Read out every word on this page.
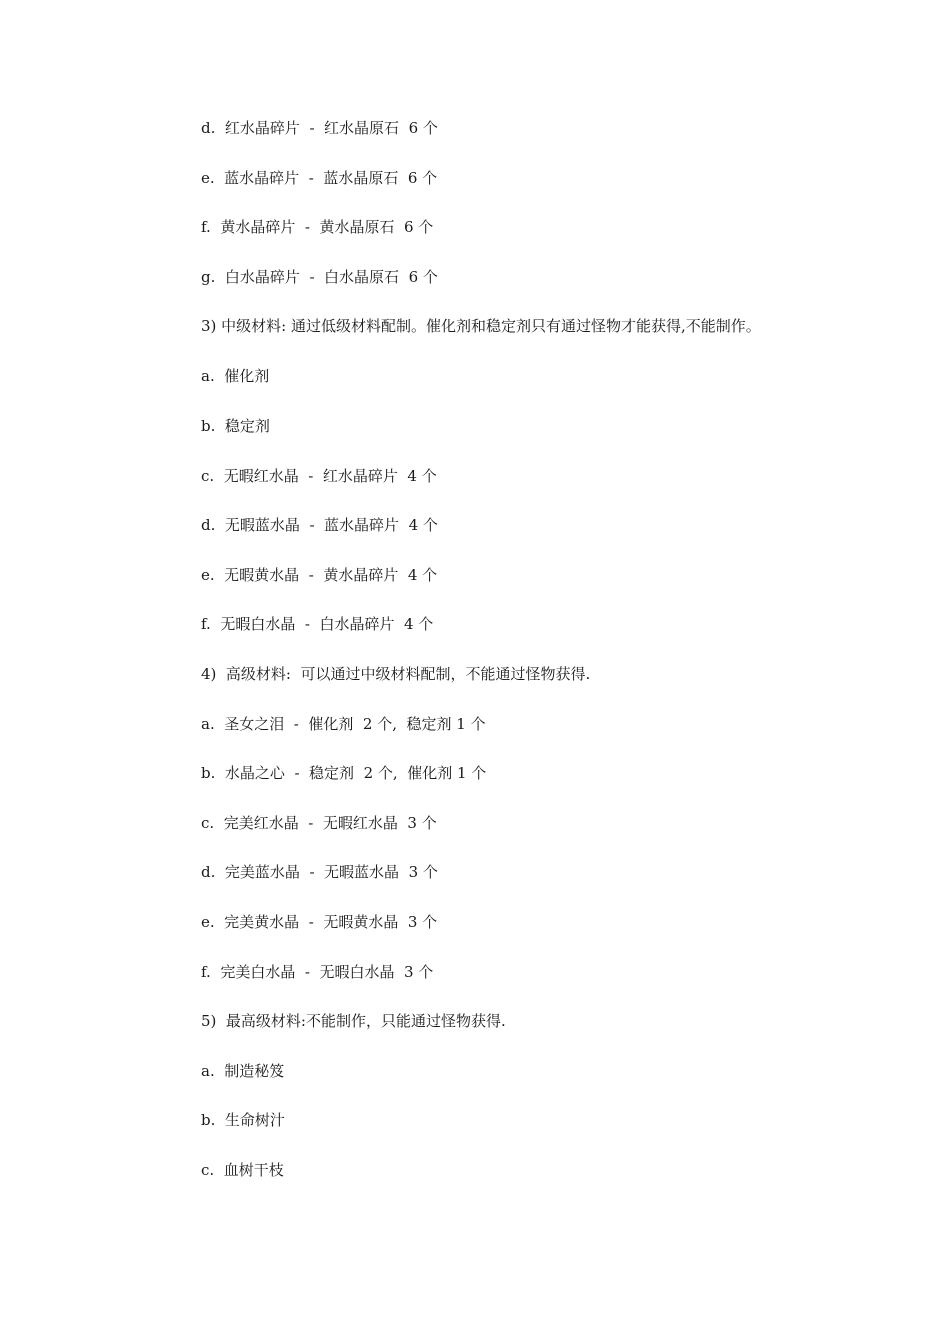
d.  红水晶碎片  -  红水晶原石  6 个
e.  蓝水晶碎片  -  蓝水晶原石  6 个
f.  黄水晶碎片  -  黄水晶原石  6 个
g.  白水晶碎片  -  白水晶原石  6 个
3) 中级材料: 通过低级材料配制。催化剂和稳定剂只有通过怪物才能获得,不能制作。
a.  催化剂
b.  稳定剂
c.  无暇红水晶  -  红水晶碎片  4 个
d.  无暇蓝水晶  -  蓝水晶碎片  4 个
e.  无暇黄水晶  -  黄水晶碎片  4 个
f.  无暇白水晶  -  白水晶碎片  4 个
4)  高级材料:  可以通过中级材料配制，不能通过怪物获得.
a.  圣女之泪  -  催化剂  2 个,  稳定剂 1 个
b.  水晶之心  -  稳定剂  2 个,  催化剂 1 个
c.  完美红水晶  -  无暇红水晶  3 个
d.  完美蓝水晶  -  无暇蓝水晶  3 个
e.  完美黄水晶  -  无暇黄水晶  3 个
f.  完美白水晶  -  无暇白水晶  3 个
5)  最高级材料:不能制作，只能通过怪物获得.
a.  制造秘笈
b.  生命树汁
c.  血树干枝
